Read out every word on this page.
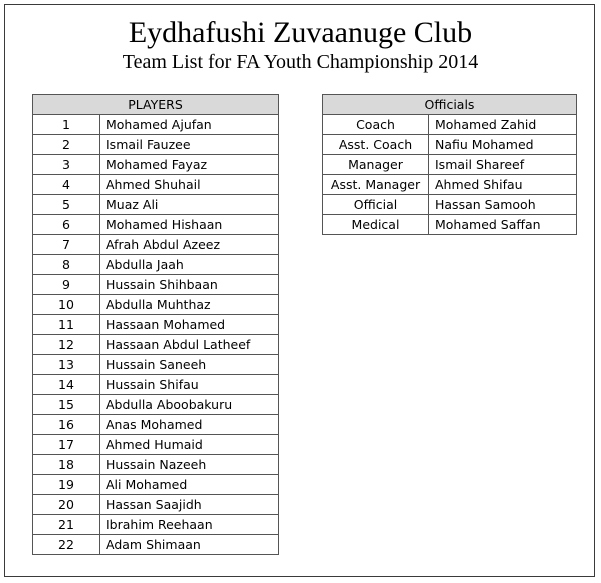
Eydhafushi Zuvaanuge Club
Team List for FA Youth Championship 2014
PLAYERS	
1	Mohamed Ajufan
2	Ismail Fauzee
3	Mohamed Fayaz
4	Ahmed Shuhail
5	Muaz Ali
6	Mohamed Hishaan
7	Afrah Abdul Azeez
8	Abdulla Jaah
9	Hussain Shihbaan
10	Abdulla Muhthaz
11	Hassaan Mohamed
12	Hassaan Abdul Latheef
13	Hussain Saneeh
14	Hussain Shifau
15	Abdulla Aboobakuru
16	Anas Mohamed
17	Ahmed Humaid
18	Hussain Nazeeh
19	Ali Mohamed
20	Hassan Saajidh
21	Ibrahim Reehaan
22	Adam Shimaan
Officials	
Coach	Mohamed Zahid
Asst. Coach	Nafiu Mohamed
Manager	Ismail Shareef
Asst. Manager	Ahmed Shifau
Official	Hassan Samooh
Medical	Mohamed Saffan
